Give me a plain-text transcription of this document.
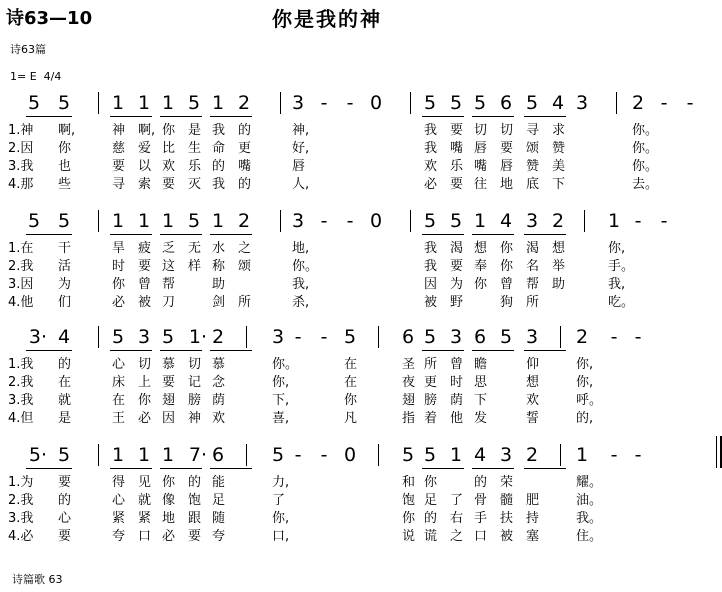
诗63—10	你是我的神
诗63篇
1= E  4/4
诗篇歌 63
5 5 1 1 1 5 1 2 3 -	- 0 5 5 5 6 5 4 3 2 -	-
1.神 啊,	神 啊, 你 是 我 的	神,	我 要 切 切 寻 求	你。
2.因 你	慈 爱 比 生 命 更	好,	我 嘴 唇 要 颂 赞	你。
3.我 也	要 以 欢 乐 的 嘴	唇	欢 乐 嘴 唇 赞 美	你。
4.那 些	寻 索 要 灭 我 的	人,	必 要 往 地 底 下	去。
5 5 1 1 1 5 1 2 3 -	- 0 5 5 1 4 3 2 1 -	-
1.在 干	旱 疲 乏 无 水 之	地,	我 渴 想 你 渴 想	你,
2.我 活	时 要 这 样 称 颂	你。	我 要 奉 你 名 举	手。
3.因 为	你 曾 帮	助	我,	因 为 你 曾 帮 助	我,
4.他 们	必 被 刀	剑 所	杀,	被 野	狗 所	吃。
3· 4 5 3 5 1· 2	3 -	- 5 6 5 3 6 5 3 2	- -
1.我 的	心 切 慕 切 慕	你。	在	圣 所 曾 瞻	仰	你,
2.我 在	床 上 要 记 念	你,	在	夜 更 时 思	想	你,
3.我 就	在 你 翅 膀 荫	下,	你	翅 膀 荫 下	欢	呼。
4.但 是	王 必 因 神 欢	喜,	凡	指 着 他 发	誓	的,
5· 5 1 1 1 7· 6	5 -	- 0 5 5 1 4 3 2 1	- -
1.为 要	得 见 你 的 能	力,	和 你	的 荣	耀。
2.我 的	心 就 像 饱 足	了	饱 足 了 骨 髓 肥	油。
3.我 心	紧 紧 地 跟 随	你,	你 的 右 手 扶 持	我。
4.必 要	夸 口 必 要 夸	口,	说 谎 之 口 被 塞	住。
